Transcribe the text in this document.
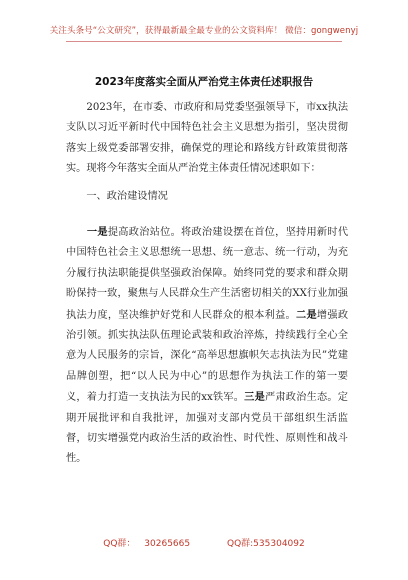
关注头条号“公文研究”，获得最新最全最专业的公文资料库！ 微信：gongwenyj
2023年度落实全面从严治党主体责任述职报告
　　2023年，在市委、市政府和局党委坚强领导下，市xx执法支队以习近平新时代中国特色社会主义思想为指引，坚决贯彻落实上级党委部署安排，确保党的理论和路线方针政策贯彻落实。现将今年落实全面从严治党主体责任情况述职如下：
　　一、政治建设情况
　　一是提高政治站位。将政治建设摆在首位，坚持用新时代中国特色社会主义思想统一思想、统一意志、统一行动，为充分履行执法职能提供坚强政治保障。始终同党的要求和群众期盼保持一致，聚焦与人民群众生产生活密切相关的XX行业加强执法力度，坚决维护好党和人民群众的根本利益。二是增强政治引领。抓实执法队伍理论武装和政治淬炼，持续践行全心全意为人民服务的宗旨，深化“高举思想旗帜矢志执法为民”党建品牌创塑，把“以人民为中心”的思想作为执法工作的第一要义，着力打造一支执法为民的xx铁军。三是严肃政治生态。定期开展批评和自我批评，加强对支部内党员干部组织生活监督，切实增强党内政治生活的政治性、时代性、原则性和战斗性。
QQ群： 30265665	QQ群:535304092
